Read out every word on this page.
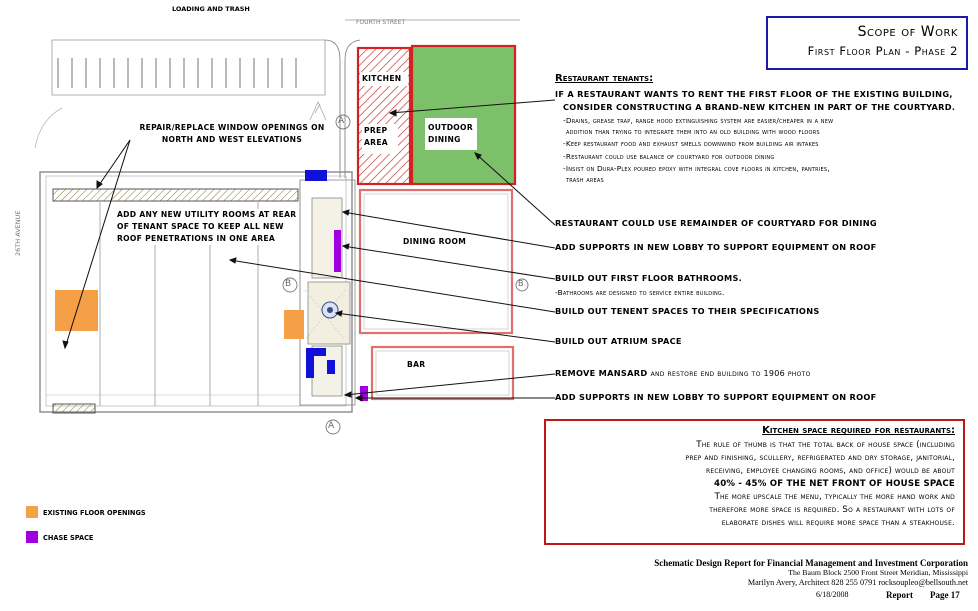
LOADING AND TRASH
FOURTH STREET
26TH AVENUE
KITCHEN
PREP AREA
OUTDOOR DINING
DINING ROOM
BAR
REPAIR/REPLACE WINDOW OPENINGS ON NORTH AND WEST ELEVATIONS
ADD ANY NEW UTILITY ROOMS AT REAR OF TENANT SPACE TO KEEP ALL NEW ROOF PENETRATIONS IN ONE AREA
A
A
B	B
Scope of Work
First Floor Plan - Phase 2
Restaurant tenants:
IF A RESTAURANT WANTS TO RENT THE FIRST FLOOR OF THE EXISTING BUILDING,
CONSIDER CONSTRUCTING A BRAND-NEW KITCHEN IN PART OF THE COURTYARD.
-Drains, grease trap, range hood extinguishing system are easier/cheaper in a new
addition than trying to integrate them into an old building with wood floors
-Keep restaurant food and exhaust smells downwind from building air intakes
-Restaurant could use balance of courtyard for outdoor dining
-Insist on Dura-Plex poured epoxy with integral cove floors in kitchen, pantries,
trash areas
RESTAURANT COULD USE REMAINDER OF COURTYARD FOR DINING
ADD SUPPORTS IN NEW LOBBY TO SUPPORT EQUIPMENT ON ROOF
BUILD OUT FIRST FLOOR BATHROOMS.
-Bathrooms are designed to service entire building.
BUILD OUT TENENT SPACES TO THEIR SPECIFICATIONS
BUILD OUT ATRIUM SPACE
REMOVE MANSARD and restore end building to 1906 photo
ADD SUPPORTS IN NEW LOBBY TO SUPPORT EQUIPMENT ON ROOF
Kitchen space required for restaurants:
The rule of thumb is that the total back of house space (including
prep and finishing, scullery, refrigerated and dry storage, janitorial,
receiving, employee changing rooms, and office) would be about
40% - 45% OF THE NET FRONT OF HOUSE SPACE
The more upscale the menu, typically the more hand work and
therefore more space is required. So a restaurant with lots of
elaborate dishes will require more space than a steakhouse.
EXISTING FLOOR OPENINGS
CHASE SPACE
Schematic Design Report for Financial Management and Investment Corporation
The Baum Block 2500 Front Street Meridian, Mississippi
Marilyn Avery, Architect 828 255 0791 rocksoupleo@bellsouth.net
6/18/2008	Report Page 17
